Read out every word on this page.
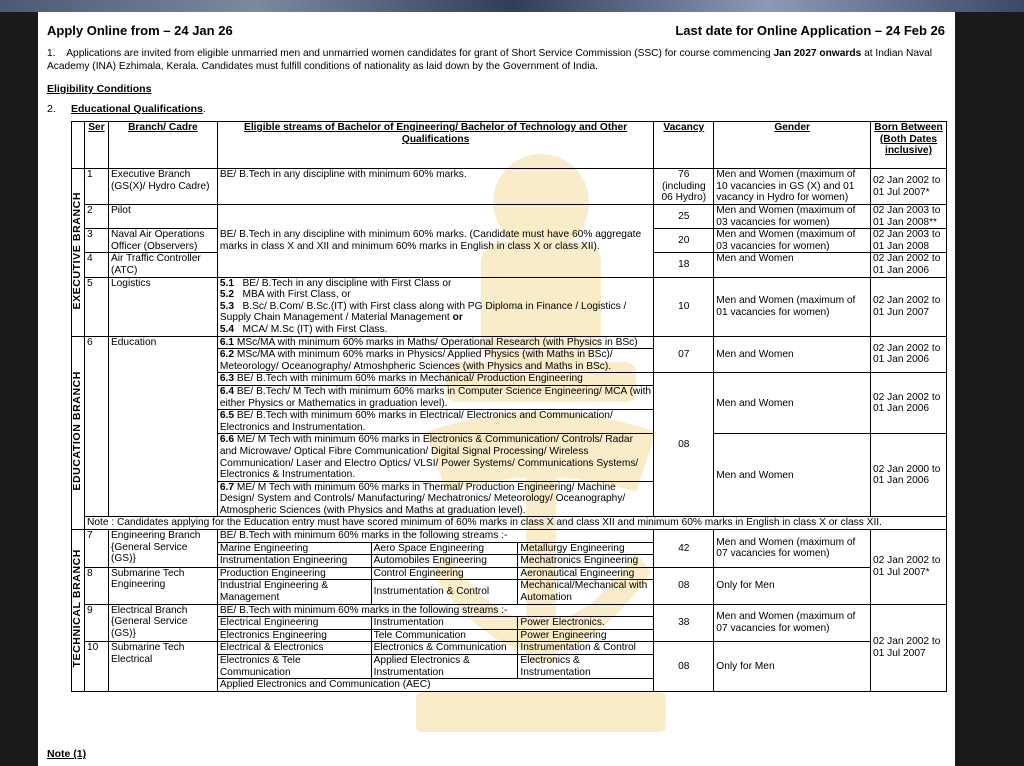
Apply Online from – 24 Jan 26	Last date for Online Application – 24 Feb 26
1. Applications are invited from eligible unmarried men and unmarried women candidates for grant of Short Service Commission (SSC) for course commencing Jan 2027 onwards at Indian Naval Academy (INA) Ezhimala, Kerala. Candidates must fulfill conditions of nationality as laid down by the Government of India.
Eligibility Conditions
2. Educational Qualifications.
	Ser	Branch/ Cadre	Eligible streams of Bachelor of Engineering/ Bachelor of Technology and Other Qualifications			Vacancy	Gender	Born Between (Both Dates inclusive)
EXECUTIVE BRANCH	1	Executive Branch (GS(X)/ Hydro Cadre)	BE/ B.Tech in any discipline with minimum 60% marks.			76 (including 06 Hydro)	Men and Women (maximum of 10 vacancies in GS (X) and 01 vacancy in Hydro for women)	02 Jan 2002 to 01 Jul 2007*
	2	Pilot	BE/ B.Tech in any discipline with minimum 60% marks. (Candidate must have 60% aggregate marks in class X and XII and minimum 60% marks in English in class X or class XII).			25	Men and Women (maximum of 03 vacancies for women)	02 Jan 2003 to 01 Jan 2008**
	3	Naval Air Operations Officer (Observers)				20	Men and Women (maximum of 03 vacancies for women)	02 Jan 2003 to 01 Jan 2008
	4	Air Traffic Controller (ATC)				18	Men and Women	02 Jan 2002 to 01 Jan 2006
	5	Logistics	5.1 BE/ B.Tech in any discipline with First Class or
5.2 MBA with First Class, or
5.3 B.Sc/ B.Com/ B.Sc.(IT) with First class along with PG Diploma in Finance / Logistics / Supply Chain Management / Material Management or
5.4 MCA/ M.Sc (IT) with First Class.			10	Men and Women (maximum of 01 vacancies for women)	02 Jan 2002 to 01 Jun 2007
EDUCATION BRANCH	6	Education	6.1 MSc/MA with minimum 60% marks in Maths/ Operational Research (with Physics in BSc)			07	Men and Women	02 Jan 2002 to 01 Jan 2006
			6.2 MSc/MA with minimum 60% marks in Physics/ Applied Physics (with Maths in BSc)/ Meteorology/ Oceanography/ Atmoshpheric Sciences (with Physics and Maths in BSc).					
			6.3 BE/ B.Tech with minimum 60% marks in Mechanical/ Production Engineering			08	Men and Women	02 Jan 2002 to 01 Jan 2006
			6.4 BE/ B.Tech/ M Tech with minimum 60% marks in Computer Science Engineering/ MCA (with either Physics or Mathematics in graduation level).					
			6.5 BE/ B.Tech with minimum 60% marks in Electrical/ Electronics and Communication/ Electronics and Instrumentation.					
			6.6 ME/ M Tech with minimum 60% marks in Electronics & Communication/ Controls/ Radar and Microwave/ Optical Fibre Communication/ Digital Signal Processing/ Wireless Communication/ Laser and Electro Optics/ VLSI/ Power Systems/ Communications Systems/ Electronics & Instrumentation.				Men and Women	02 Jan 2000 to 01 Jan 2006
			6.7 ME/ M Tech with minimum 60% marks in Thermal/ Production Engineering/ Machine Design/ System and Controls/ Manufacturing/ Mechatronics/ Meteorology/ Oceanography/ Atmospheric Sciences (with Physics and Maths at graduation level).					
	Note : Candidates applying for the Education entry must have scored minimum of 60% marks in class X and class XII and minimum 60% marks in English in class X or class XII.							
TECHNICAL BRANCH	7	Engineering Branch {General Service (GS)}	BE/ B.Tech with minimum 60% marks in the following streams :-			42	Men and Women (maximum of 07 vacancies for women)	02 Jan 2002 to 01 Jul 2007*
			Marine Engineering	Aero Space Engineering	Metallurgy Engineering			
			Instrumentation Engineering	Automobiles Engineering	Mechatronics Engineering			
	8	Submarine Tech Engineering	Production Engineering	Control Engineering	Aeronautical Engineering	08	Only for Men	
			Industrial Engineering & Management	Instrumentation & Control	Mechanical/Mechanical with Automation			
	9	Electrical Branch {General Service (GS)}	BE/ B.Tech with minimum 60% marks in the following streams :-			38	Men and Women (maximum of 07 vacancies for women)	02 Jan 2002 to 01 Jul 2007
			Electrical Engineering	Instrumentation	Power Electronics.			
			Electronics Engineering	Tele Communication	Power Engineering			
	10	Submarine Tech Electrical	Electrical & Electronics	Electronics & Communication	Instrumentation & Control	08	Only for Men	
			Electronics & Tele Communication	Applied Electronics & Instrumentation	Electronics & Instrumentation			
			Applied Electronics and Communication (AEC)					
Note (1)
